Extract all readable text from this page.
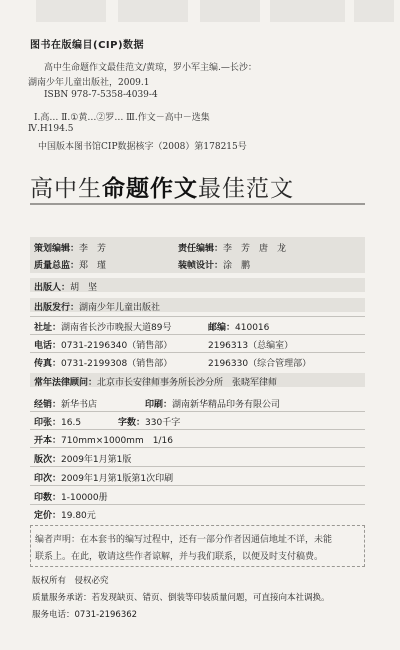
图书在版编目(CIP)数据
高中生命题作文最佳范文/黄琼，罗小军主编.—长沙：
湖南少年儿童出版社，2009.1
ISBN 978-7-5358-4039-4
Ⅰ.高… Ⅱ.①黄…②罗… Ⅲ.作文－高中－选集
Ⅳ.H194.5
中国版本图书馆CIP数据核字（2008）第178215号
高中生命题作文最佳范文
策划编辑：李　芳	责任编辑：李　芳　唐　龙
质量总监：郑　瑾	装帧设计：涂　鹏
出版人：胡　坚
出版发行：湖南少年儿童出版社
社址：湖南省长沙市晚报大道89号	邮编：410016
电话：0731-2196340（销售部）	2196313（总编室）
传真：0731-2199308（销售部）	2196330（综合管理部）
常年法律顾问：北京市长安律师事务所长沙分所　张晓军律师
经销：新华书店	印刷：湖南新华精品印务有限公司
印张：16.5	字数：330千字
开本：710mm×1000mm　1/16
版次：2009年1月第1版
印次：2009年1月第1版第1次印刷
印数：1-10000册
定价：19.80元
编者声明：在本套书的编写过程中，还有一部分作者因通信地址不详，未能
联系上。在此，敬请这些作者谅解，并与我们联系，以便及时支付稿费。
版权所有　侵权必究
质量服务承诺：若发现缺页、错页、倒装等印装质量问题，可直接向本社调换。
服务电话：0731-2196362
